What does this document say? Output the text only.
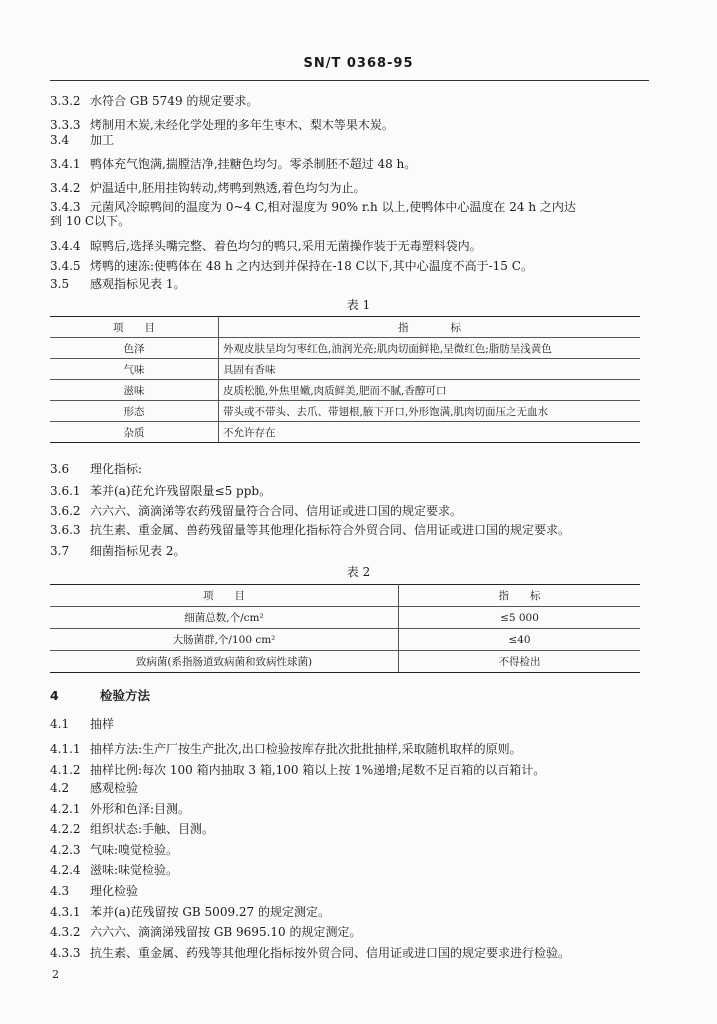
SN/T 0368-95
3.3.2 水符合 GB 5749 的规定要求。
3.3.3 烤制用木炭,未经化学处理的多年生枣木、梨木等果木炭。
3.4 加工
3.4.1 鸭体充气饱满,揣膛洁净,挂糖色均匀。零杀制胚不超过 48 h。
3.4.2 炉温适中,胚用挂钩转动,烤鸭到熟透,着色均匀为止。
3.4.3 元菌风冷晾鸭间的温度为 0~4 C,相对湿度为 90% r.h 以上,使鸭体中心温度在 24 h 之内达
到 10 C以下。
3.4.4 晾鸭后,选择头嘴完整、着色均匀的鸭只,采用无菌操作装于无毒塑料袋内。
3.4.5 烤鸭的速冻:使鸭体在 48 h 之内达到并保持在-18 C以下,其中心温度不高于-15 C。
3.5 感观指标见表 1。
表 1
项　　目	指　　　　标
色泽	外观皮肤呈均匀枣红色,油润光亮;肌肉切面鲜艳,呈微红色;脂肪呈浅黄色
气味	具固有香味
滋味	皮质松脆,外焦里嫩,肉质鲜美,肥而不腻,香醇可口
形态	带头或不带头、去爪、带翅根,腋下开口,外形饱满,肌肉切面压之无血水
杂质	不允许存在
3.6 理化指标:
3.6.1 苯并(a)芘允许残留限量≤5 ppb。
3.6.2 六六六、滴滴涕等农药残留量符合合同、信用证或进口国的规定要求。
3.6.3 抗生素、重金属、兽药残留量等其他理化指标符合外贸合同、信用证或进口国的规定要求。
3.7 细菌指标见表 2。
表 2
项　　目	指　　标
细菌总数,个/cm²	≤5 000
大肠菌群,个/100 cm²	≤40
致病菌(系指肠道致病菌和致病性球菌)	不得检出
4	检验方法
4.1 抽样
4.1.1 抽样方法:生产厂按生产批次,出口检验按库存批次批批抽样,采取随机取样的原则。
4.1.2 抽样比例:每次 100 箱内抽取 3 箱,100 箱以上按 1%递增;尾数不足百箱的以百箱计。
4.2 感观检验
4.2.1 外形和色泽:目测。
4.2.2 组织状态:手触、目测。
4.2.3 气味:嗅觉检验。
4.2.4 滋味:味觉检验。
4.3 理化检验
4.3.1 苯并(a)芘残留按 GB 5009.27 的规定测定。
4.3.2 六六六、滴滴涕残留按 GB 9695.10 的规定测定。
4.3.3 抗生素、重金属、药残等其他理化指标按外贸合同、信用证或进口国的规定要求进行检验。
2
